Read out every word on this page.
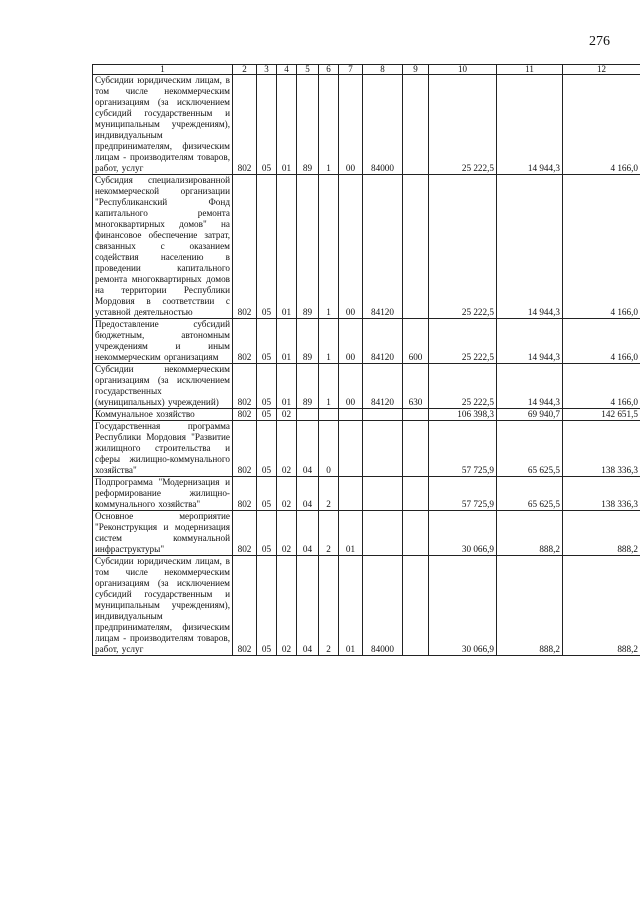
276
1	2	3	4	5	6	7	8	9	10	11	12
Субсидии юридическим лицам, в том числе некоммерческим организациям (за исключением субсидий государственным и муниципальным учреждениям), индивидуальным предпринимателям, физическим лицам - производителям товаров, работ, услуг	802	05	01	89	1	00	84000		25 222,5	14 944,3	4 166,0
Субсидия специализированной некоммерческой организации "Республиканский Фонд капитального ремонта многоквартирных домов" на финансовое обеспечение затрат, связанных с оказанием содействия населению в проведении капитального ремонта многоквартирных домов на территории Республики Мордовия в соответствии с уставной деятельностью	802	05	01	89	1	00	84120		25 222,5	14 944,3	4 166,0
Предоставление субсидий бюджетным, автономным учреждениям и иным некоммерческим организациям	802	05	01	89	1	00	84120	600	25 222,5	14 944,3	4 166,0
Субсидии некоммерческим организациям (за исключением государственных (муниципальных) учреждений)	802	05	01	89	1	00	84120	630	25 222,5	14 944,3	4 166,0
Коммунальное хозяйство	802	05	02						106 398,3	69 940,7	142 651,5
Государственная программа Республики Мордовия "Развитие жилищного строительства и сферы жилищно-коммунального хозяйства"	802	05	02	04	0				57 725,9	65 625,5	138 336,3
Подпрограмма "Модернизация и реформирование жилищно-коммунального хозяйства"	802	05	02	04	2				57 725,9	65 625,5	138 336,3
Основное мероприятие "Реконструкция и модернизация систем коммунальной инфраструктуры"	802	05	02	04	2	01			30 066,9	888,2	888,2
Субсидии юридическим лицам, в том числе некоммерческим организациям (за исключением субсидий государственным и муниципальным учреждениям), индивидуальным предпринимателям, физическим лицам - производителям товаров, работ, услуг	802	05	02	04	2	01	84000		30 066,9	888,2	888,2
